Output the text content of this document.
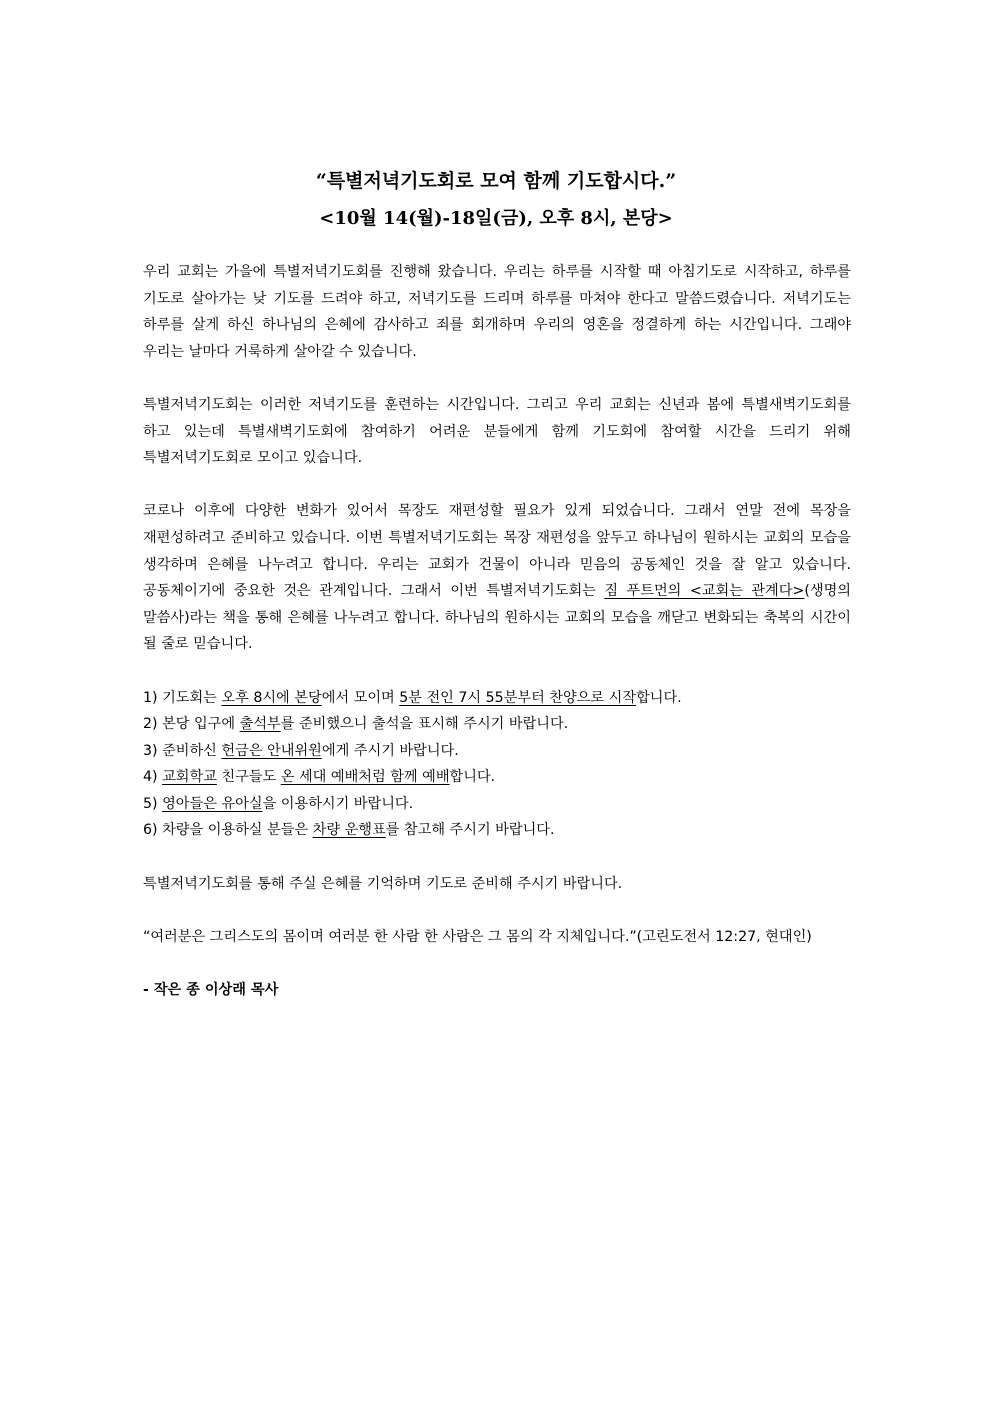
“특별저녁기도회로 모여 함께 기도합시다.”
<10월 14(월)-18일(금), 오후 8시, 본당>

우리 교회는 가을에 특별저녁기도회를 진행해 왔습니다. 우리는 하루를 시작할 때 아침기도로 시작하고, 하루를 기도로 살아가는 낮 기도를 드려야 하고, 저녁기도를 드리며 하루를 마쳐야 한다고 말씀드렸습니다. 저녁기도는 하루를 살게 하신 하나님의 은혜에 감사하고 죄를 회개하며 우리의 영혼을 정결하게 하는 시간입니다. 그래야 우리는 날마다 거룩하게 살아갈 수 있습니다.

특별저녁기도회는 이러한 저녁기도를 훈련하는 시간입니다. 그리고 우리 교회는 신년과 봄에 특별새벽기도회를 하고 있는데 특별새벽기도회에 참여하기 어려운 분들에게 함께 기도회에 참여할 시간을 드리기 위해 특별저녁기도회로 모이고 있습니다.

코로나 이후에 다양한 변화가 있어서 목장도 재편성할 필요가 있게 되었습니다. 그래서 연말 전에 목장을 재편성하려고 준비하고 있습니다. 이번 특별저녁기도회는 목장 재편성을 앞두고 하나님이 원하시는 교회의 모습을 생각하며 은혜를 나누려고 합니다. 우리는 교회가 건물이 아니라 믿음의 공동체인 것을 잘 알고 있습니다. 공동체이기에 중요한 것은 관계입니다. 그래서 이번 특별저녁기도회는 짐 푸트먼의 <교회는 관계다>(생명의 말씀사)라는 책을 통해 은혜를 나누려고 합니다. 하나님의 원하시는 교회의 모습을 깨닫고 변화되는 축복의 시간이 될 줄로 믿습니다.

1) 기도회는 오후 8시에 본당에서 모이며 5분 전인 7시 55분부터 찬양으로 시작합니다.
2) 본당 입구에 출석부를 준비했으니 출석을 표시해 주시기 바랍니다.
3) 준비하신 헌금은 안내위원에게 주시기 바랍니다.
4) 교회학교 친구들도 온 세대 예배처럼 함께 예배합니다.
5) 영아들은 유아실을 이용하시기 바랍니다.
6) 차량을 이용하실 분들은 차량 운행표를 참고해 주시기 바랍니다.

특별저녁기도회를 통해 주실 은혜를 기억하며 기도로 준비해 주시기 바랍니다.

“여러분은 그리스도의 몸이며 여러분 한 사람 한 사람은 그 몸의 각 지체입니다.”(고린도전서 12:27, 현대인)

- 작은 종 이상래 목사
